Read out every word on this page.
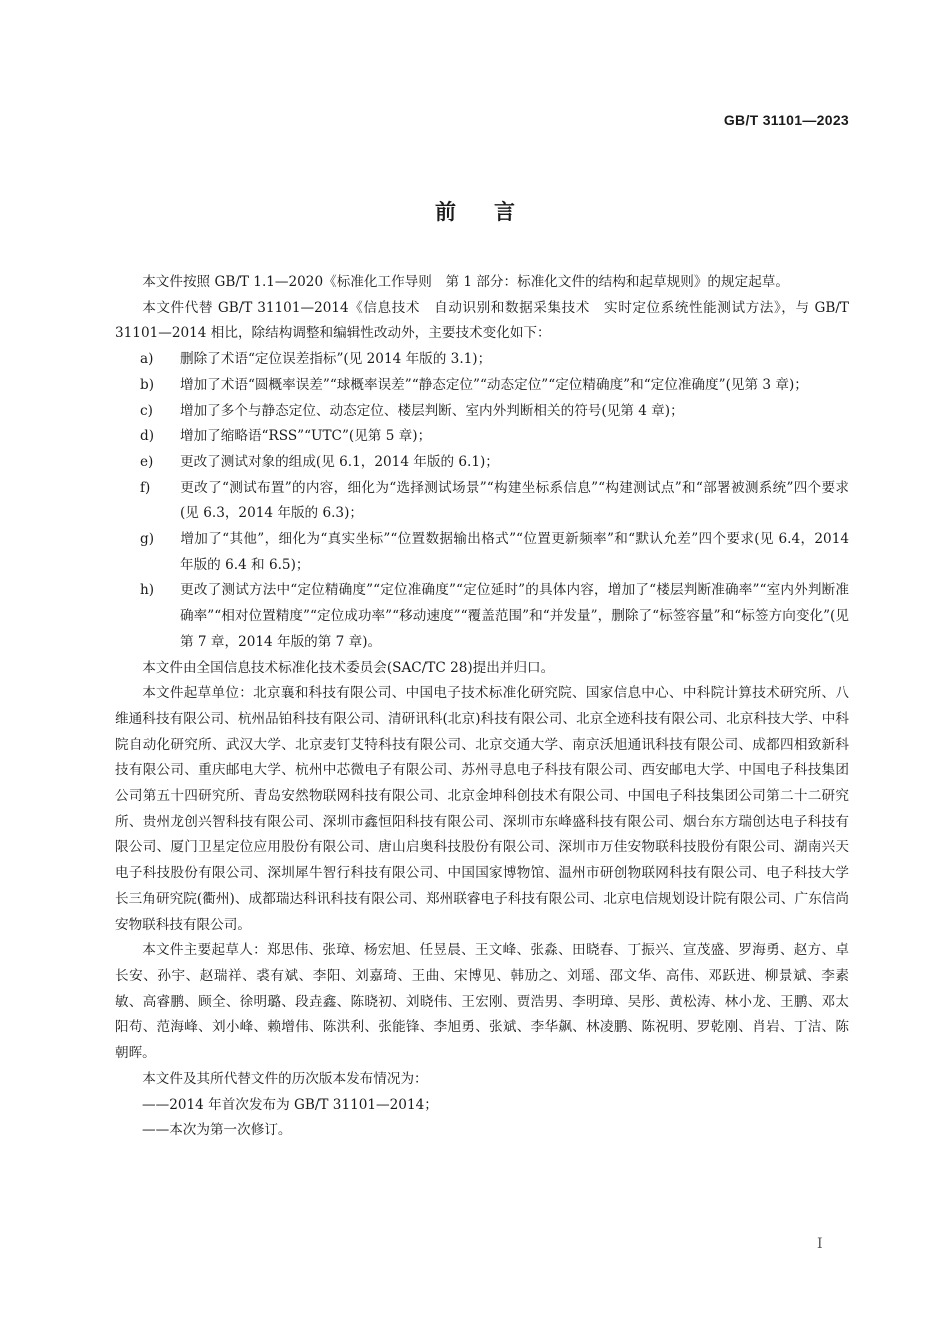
GB/T 31101—2023
前言

本文件按照 GB/T 1.1—2020《标准化工作导则　第 1 部分：标准化文件的结构和起草规则》的规定起草。

本文件代替 GB/T 31101—2014《信息技术　自动识别和数据采集技术　实时定位系统性能测试方法》，与 GB/T 31101—2014 相比，除结构调整和编辑性改动外，主要技术变化如下：

a) 删除了术语“定位误差指标”(见 2014 年版的 3.1)；

b) 增加了术语“圆概率误差”“球概率误差”“静态定位”“动态定位”“定位精确度”和“定位准确度”(见第 3 章)；

c) 增加了多个与静态定位、动态定位、楼层判断、室内外判断相关的符号(见第 4 章)；

d) 增加了缩略语“RSS”“UTC”(见第 5 章)；

e) 更改了测试对象的组成(见 6.1，2014 年版的 6.1)；

f) 更改了“测试布置”的内容，细化为“选择测试场景”“构建坐标系信息”“构建测试点”和“部署被测系统”四个要求(见 6.3，2014 年版的 6.3)；

g) 增加了“其他”，细化为“真实坐标”“位置数据输出格式”“位置更新频率”和“默认允差”四个要求(见 6.4，2014 年版的 6.4 和 6.5)；

h) 更改了测试方法中“定位精确度”“定位准确度”“定位延时”的具体内容，增加了“楼层判断准确率”“室内外判断准确率”“相对位置精度”“定位成功率”“移动速度”“覆盖范围”和“并发量”，删除了“标签容量”和“标签方向变化”(见第 7 章，2014 年版的第 7 章)。

本文件由全国信息技术标准化技术委员会(SAC/TC 28)提出并归口。

本文件起草单位：北京襄和科技有限公司、中国电子技术标准化研究院、国家信息中心、中科院计算技术研究所、八维通科技有限公司、杭州品铂科技有限公司、清研讯科(北京)科技有限公司、北京全迹科技有限公司、北京科技大学、中科院自动化研究所、武汉大学、北京麦钉艾特科技有限公司、北京交通大学、南京沃旭通讯科技有限公司、成都四相致新科技有限公司、重庆邮电大学、杭州中芯微电子有限公司、苏州寻息电子科技有限公司、西安邮电大学、中国电子科技集团公司第五十四研究所、青岛安然物联网科技有限公司、北京金坤科创技术有限公司、中国电子科技集团公司第二十二研究所、贵州龙创兴智科技有限公司、深圳市鑫恒阳科技有限公司、深圳市东峰盛科技有限公司、烟台东方瑞创达电子科技有限公司、厦门卫星定位应用股份有限公司、唐山启奥科技股份有限公司、深圳市万佳安物联科技股份有限公司、湖南兴天电子科技股份有限公司、深圳犀牛智行科技有限公司、中国国家博物馆、温州市研创物联网科技有限公司、电子科技大学长三角研究院(衢州)、成都瑞达科讯科技有限公司、郑州联睿电子科技有限公司、北京电信规划设计院有限公司、广东信尚安物联科技有限公司。

本文件主要起草人：郑思伟、张璋、杨宏旭、任昱晨、王文峰、张淼、田晓春、丁振兴、宣茂盛、罗海勇、赵方、卓长安、孙宇、赵瑞祥、裘有斌、李阳、刘嘉琦、王曲、宋博见、韩劢之、刘瑶、邵文华、高伟、邓跃进、柳景斌、李素敏、高睿鹏、顾全、徐明璐、段垚鑫、陈晓初、刘晓伟、王宏刚、贾浩男、李明璋、吴彤、黄松涛、林小龙、王鹏、邓太阳苟、范海峰、刘小峰、赖增伟、陈洪利、张能锋、李旭勇、张斌、李华飙、林凌鹏、陈祝明、罗乾刚、肖岩、丁洁、陈朝晖。

本文件及其所代替文件的历次版本发布情况为：

——2014 年首次发布为 GB/T 31101—2014；

——本次为第一次修订。

I
